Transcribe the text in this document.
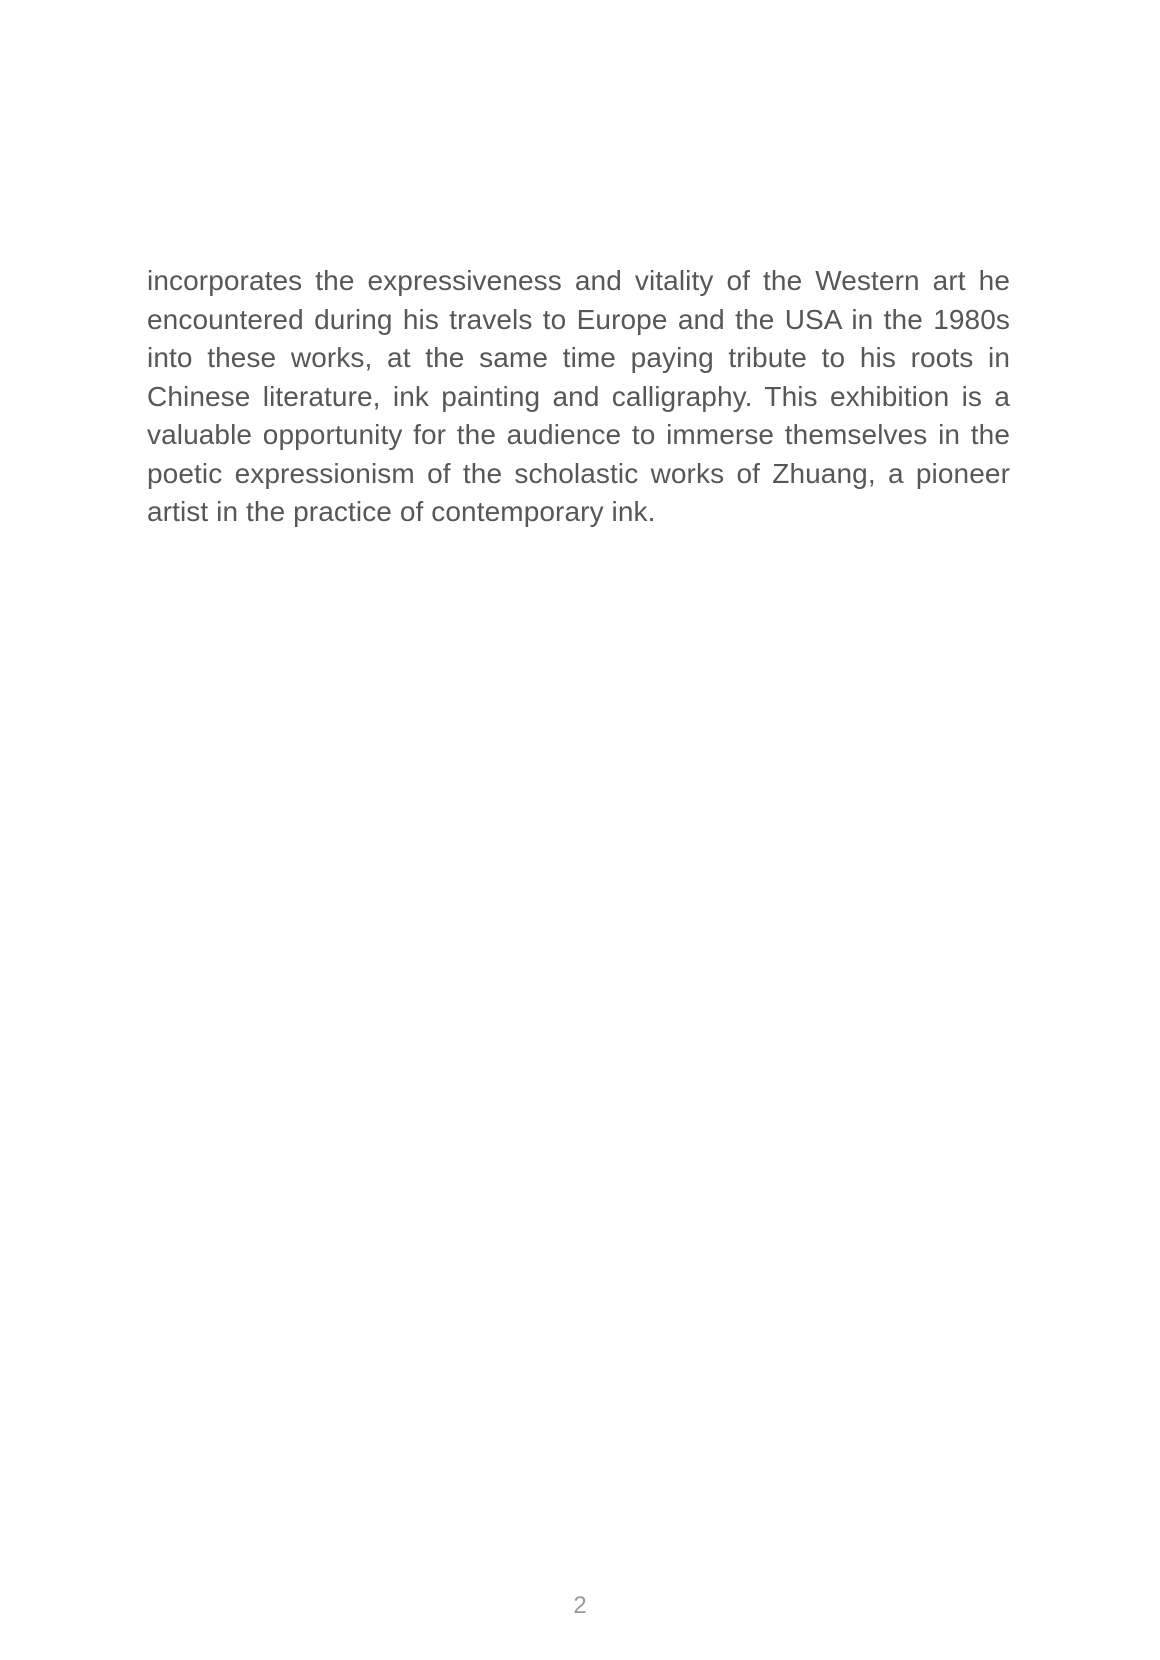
incorporates the expressiveness and vitality of the Western art he
encountered during his travels to Europe and the USA in the 1980s
into these works, at the same time paying tribute to his roots in
Chinese literature, ink painting and calligraphy. This exhibition is a
valuable opportunity for the audience to immerse themselves in the
poetic expressionism of the scholastic works of Zhuang, a pioneer
artist in the practice of contemporary ink.
2
